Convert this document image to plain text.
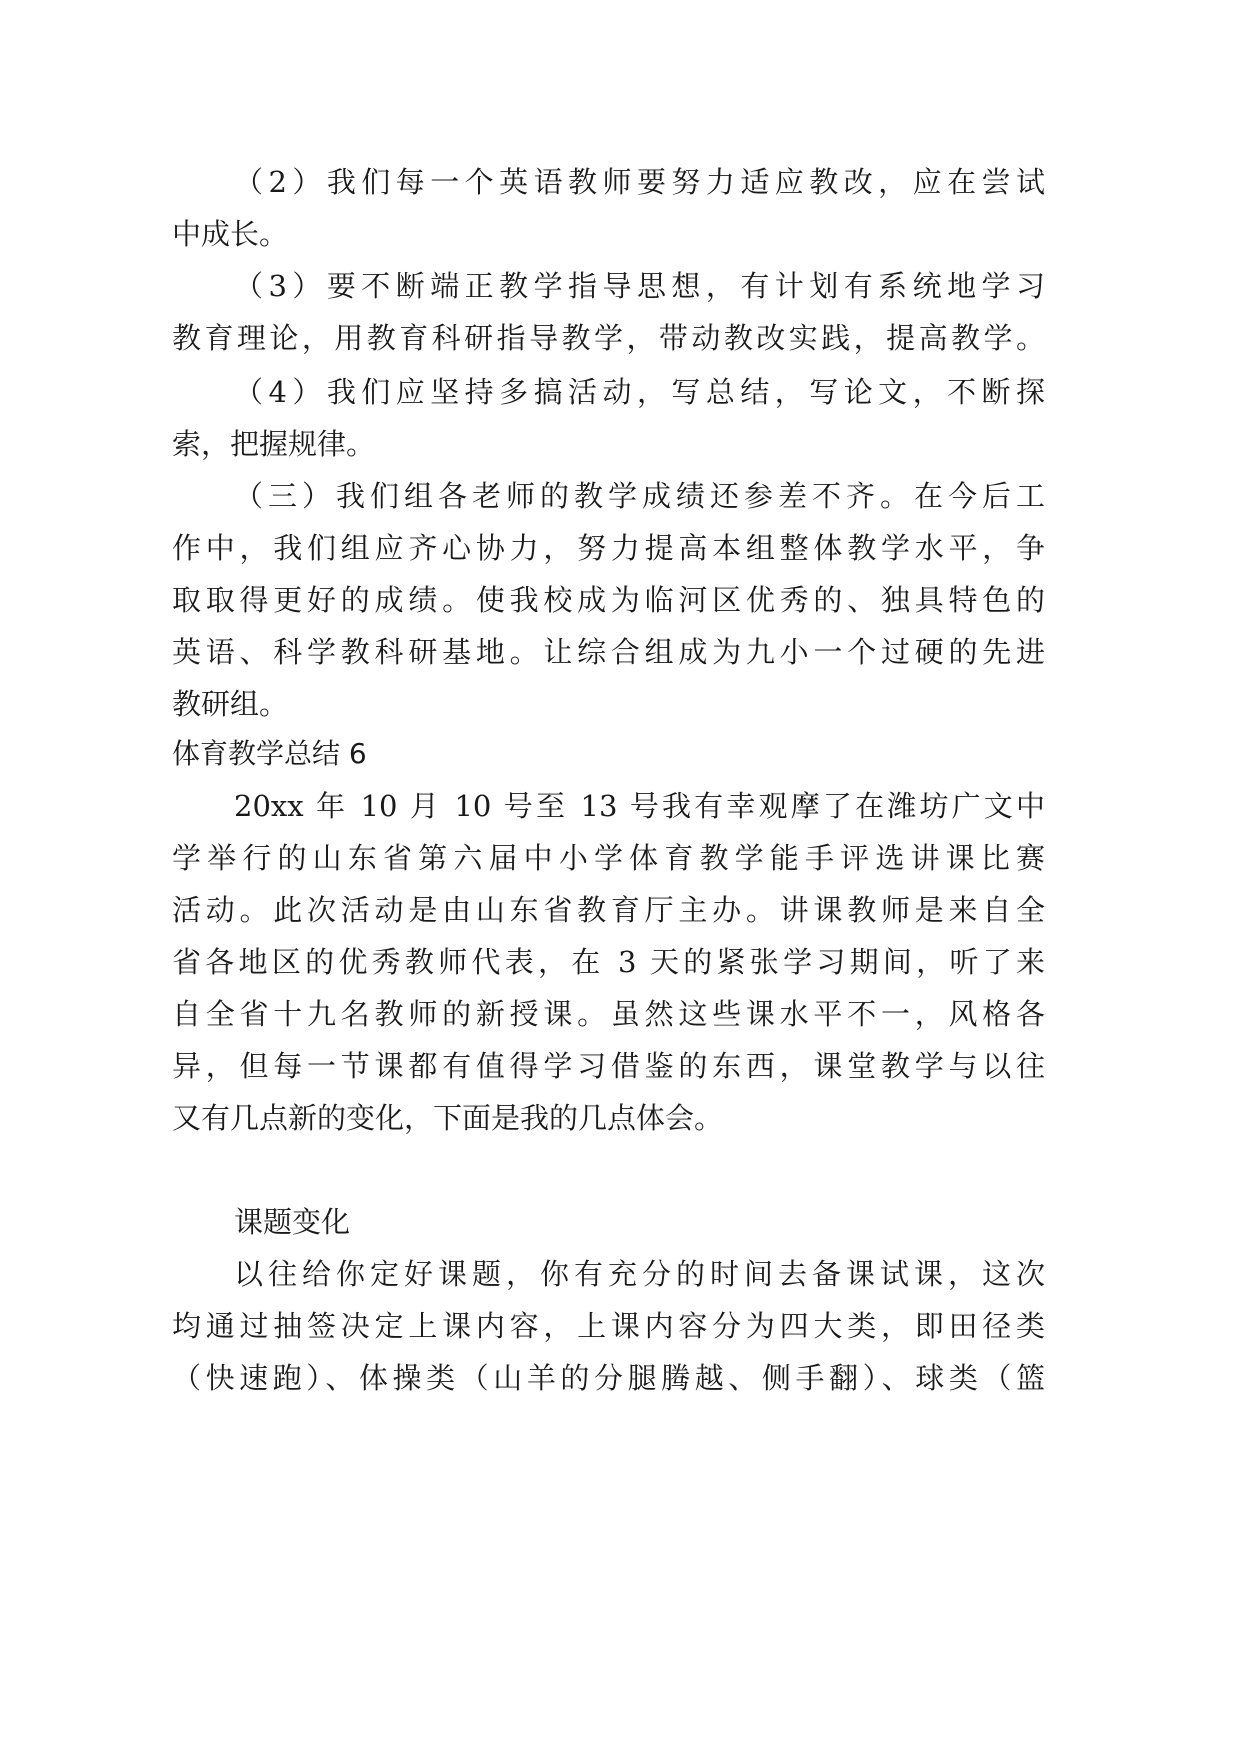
（2）我们每一个英语教师要努力适应教改，应在尝试
中成长。
（3）要不断端正教学指导思想，有计划有系统地学习
教育理论，用教育科研指导教学，带动教改实践，提高教学。
（4）我们应坚持多搞活动，写总结，写论文，不断探
索，把握规律。
（三）我们组各老师的教学成绩还参差不齐。在今后工
作中，我们组应齐心协力，努力提高本组整体教学水平，争
取取得更好的成绩。使我校成为临河区优秀的、独具特色的
英语、科学教科研基地。让综合组成为九小一个过硬的先进
教研组。
体育教学总结 6
20xx 年 10 月 10 号至 13 号我有幸观摩了在潍坊广文中
学举行的山东省第六届中小学体育教学能手评选讲课比赛
活动。此次活动是由山东省教育厅主办。讲课教师是来自全
省各地区的优秀教师代表，在 3 天的紧张学习期间，听了来
自全省十九名教师的新授课。虽然这些课水平不一，风格各
异，但每一节课都有值得学习借鉴的东西，课堂教学与以往
又有几点新的变化，下面是我的几点体会。
课题变化
以往给你定好课题，你有充分的时间去备课试课，这次
均通过抽签决定上课内容，上课内容分为四大类，即田径类
（快速跑）、体操类（山羊的分腿腾越、侧手翻）、球类（篮
